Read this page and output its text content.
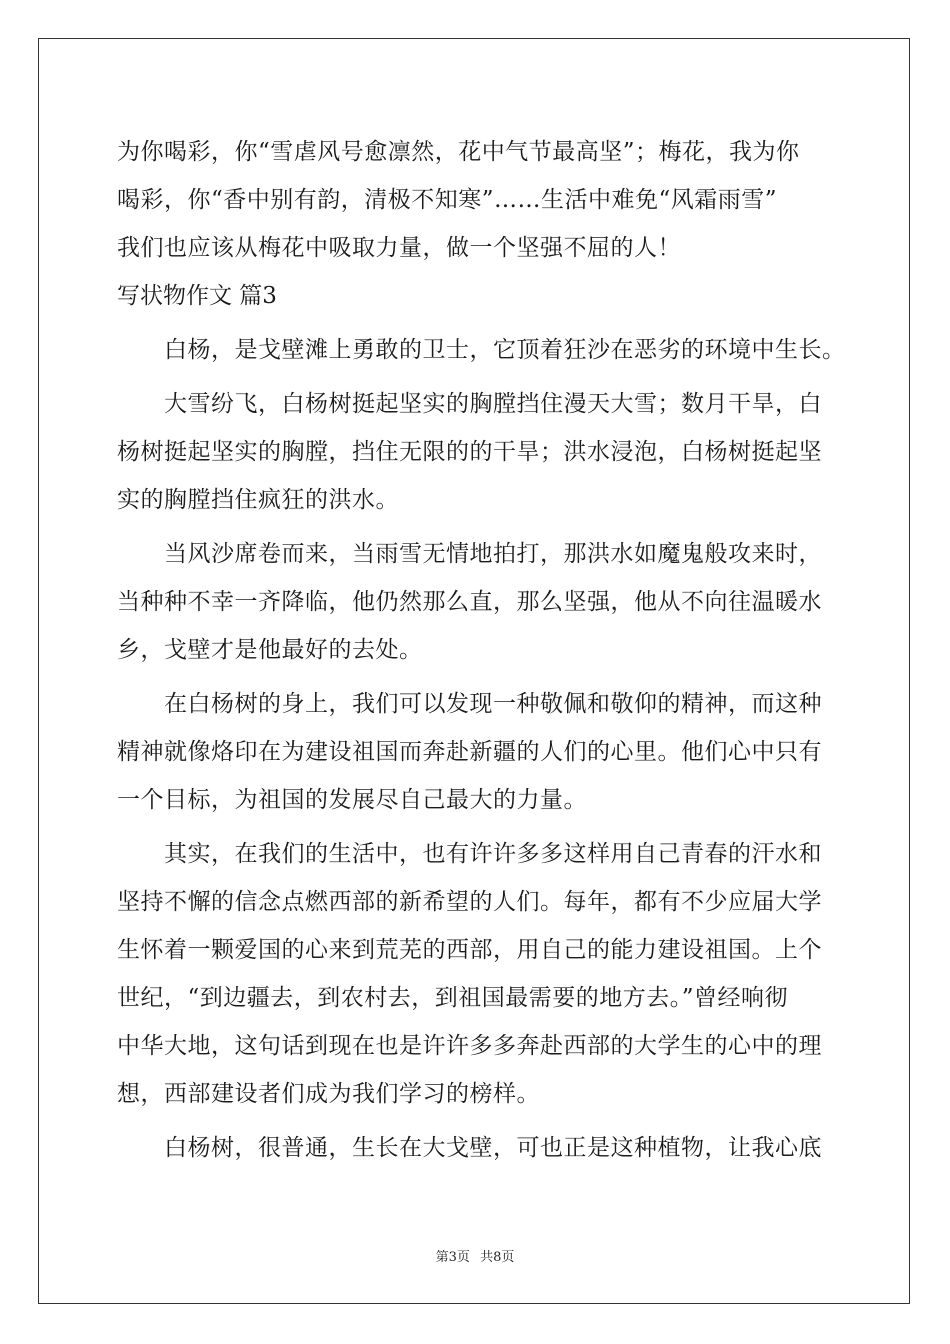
为你喝彩，你“雪虐风号愈凛然，花中气节最高坚”；梅花，我为你
喝彩，你“香中别有韵，清极不知寒”……生活中难免“风霜雨雪”
我们也应该从梅花中吸取力量，做一个坚强不屈的人！
写状物作文 篇3
白杨，是戈壁滩上勇敢的卫士，它顶着狂沙在恶劣的环境中生长。
大雪纷飞，白杨树挺起坚实的胸膛挡住漫天大雪；数月干旱，白
杨树挺起坚实的胸膛，挡住无限的的干旱；洪水浸泡，白杨树挺起坚
实的胸膛挡住疯狂的洪水。
当风沙席卷而来，当雨雪无情地拍打，那洪水如魔鬼般攻来时，
当种种不幸一齐降临，他仍然那么直，那么坚强，他从不向往温暖水
乡，戈壁才是他最好的去处。
在白杨树的身上，我们可以发现一种敬佩和敬仰的精神，而这种
精神就像烙印在为建设祖国而奔赴新疆的人们的心里。他们心中只有
一个目标，为祖国的发展尽自己最大的力量。
其实，在我们的生活中，也有许许多多这样用自己青春的汗水和
坚持不懈的信念点燃西部的新希望的人们。每年，都有不少应届大学
生怀着一颗爱国的心来到荒芜的西部，用自己的能力建设祖国。上个
世纪，“到边疆去，到农村去，到祖国最需要的地方去。”曾经响彻
中华大地，这句话到现在也是许许多多奔赴西部的大学生的心中的理
想，西部建设者们成为我们学习的榜样。
白杨树，很普通，生长在大戈壁，可也正是这种植物，让我心底
第3页 共8页
